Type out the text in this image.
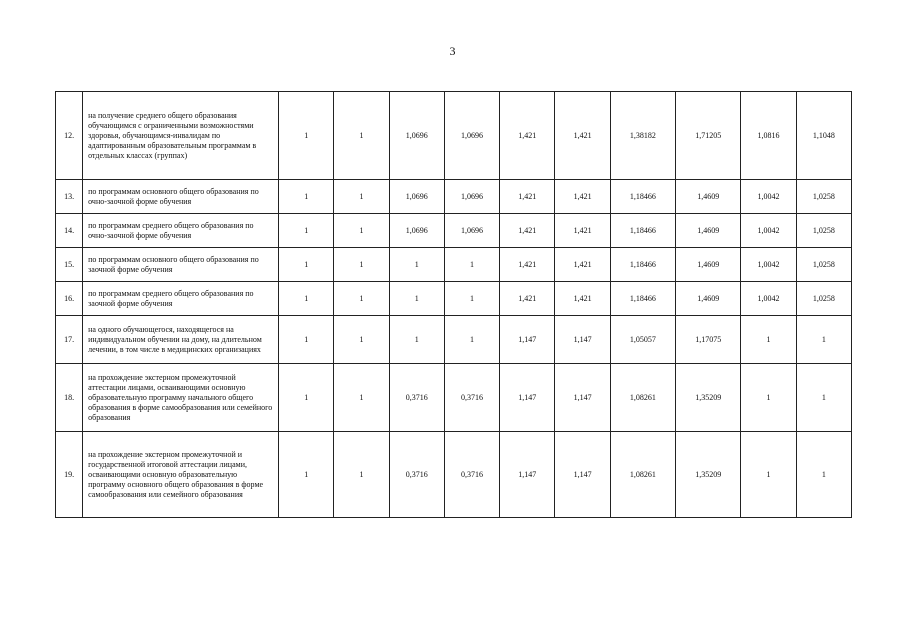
3
12.	на получение среднего общего образования обучающимся с ограниченными возможностями здоровья, обучающимся-инвалидам по адаптированным образовательным программам в отдельных классах (группах)	1	1	1,0696	1,0696	1,421	1,421	1,38182	1,71205	1,0816	1,1048
13.	по программам основного общего образования по очно-заочной форме обучения	1	1	1,0696	1,0696	1,421	1,421	1,18466	1,4609	1,0042	1,0258
14.	по программам среднего общего образования по очно-заочной форме обучения	1	1	1,0696	1,0696	1,421	1,421	1,18466	1,4609	1,0042	1,0258
15.	по программам основного общего образования по заочной форме обучения	1	1	1	1	1,421	1,421	1,18466	1,4609	1,0042	1,0258
16.	по программам среднего общего образования по заочной форме обучения	1	1	1	1	1,421	1,421	1,18466	1,4609	1,0042	1,0258
17.	на одного обучающегося, находящегося на индивидуальном обучении на дому, на длительном лечении, в том числе в медицинских организациях	1	1	1	1	1,147	1,147	1,05057	1,17075	1	1
18.	на прохождение экстерном промежуточной аттестации лицами, осваивающими основную образовательную программу начального общего образования в форме самообразования или семейного образования	1	1	0,3716	0,3716	1,147	1,147	1,08261	1,35209	1	1
19.	на прохождение экстерном промежуточной и государственной итоговой аттестации лицами, осваивающими основную образовательную программу основного общего образования в форме самообразования или семейного образования	1	1	0,3716	0,3716	1,147	1,147	1,08261	1,35209	1	1
